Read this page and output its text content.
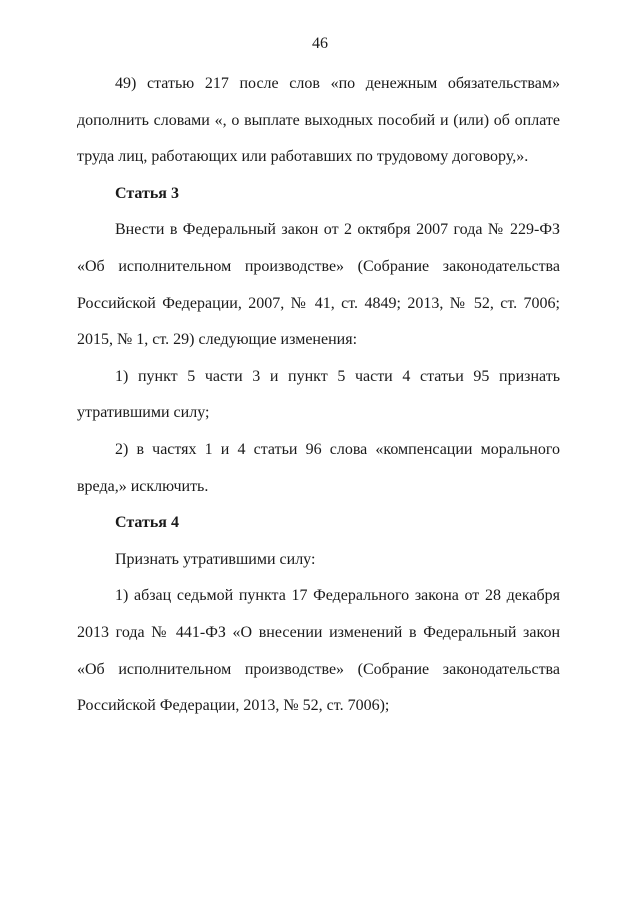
46

49) статью 217 после слов «по денежным обязательствам» дополнить словами «, о выплате выходных пособий и (или) об оплате труда лиц, работающих или работавших по трудовому договору,».

Статья 3

Внести в Федеральный закон от 2 октября 2007 года № 229-ФЗ «Об исполнительном производстве» (Собрание законодательства Российской Федерации, 2007, № 41, ст. 4849; 2013, № 52, ст. 7006; 2015, № 1, ст. 29) следующие изменения:

1) пункт 5 части 3 и пункт 5 части 4 статьи 95 признать утратившими силу;

2) в частях 1 и 4 статьи 96 слова «компенсации морального вреда,» исключить.

Статья 4

Признать утратившими силу:

1) абзац седьмой пункта 17 Федерального закона от 28 декабря 2013 года № 441-ФЗ «О внесении изменений в Федеральный закон «Об исполнительном производстве» (Собрание законодательства Российской Федерации, 2013, № 52, ст. 7006);
